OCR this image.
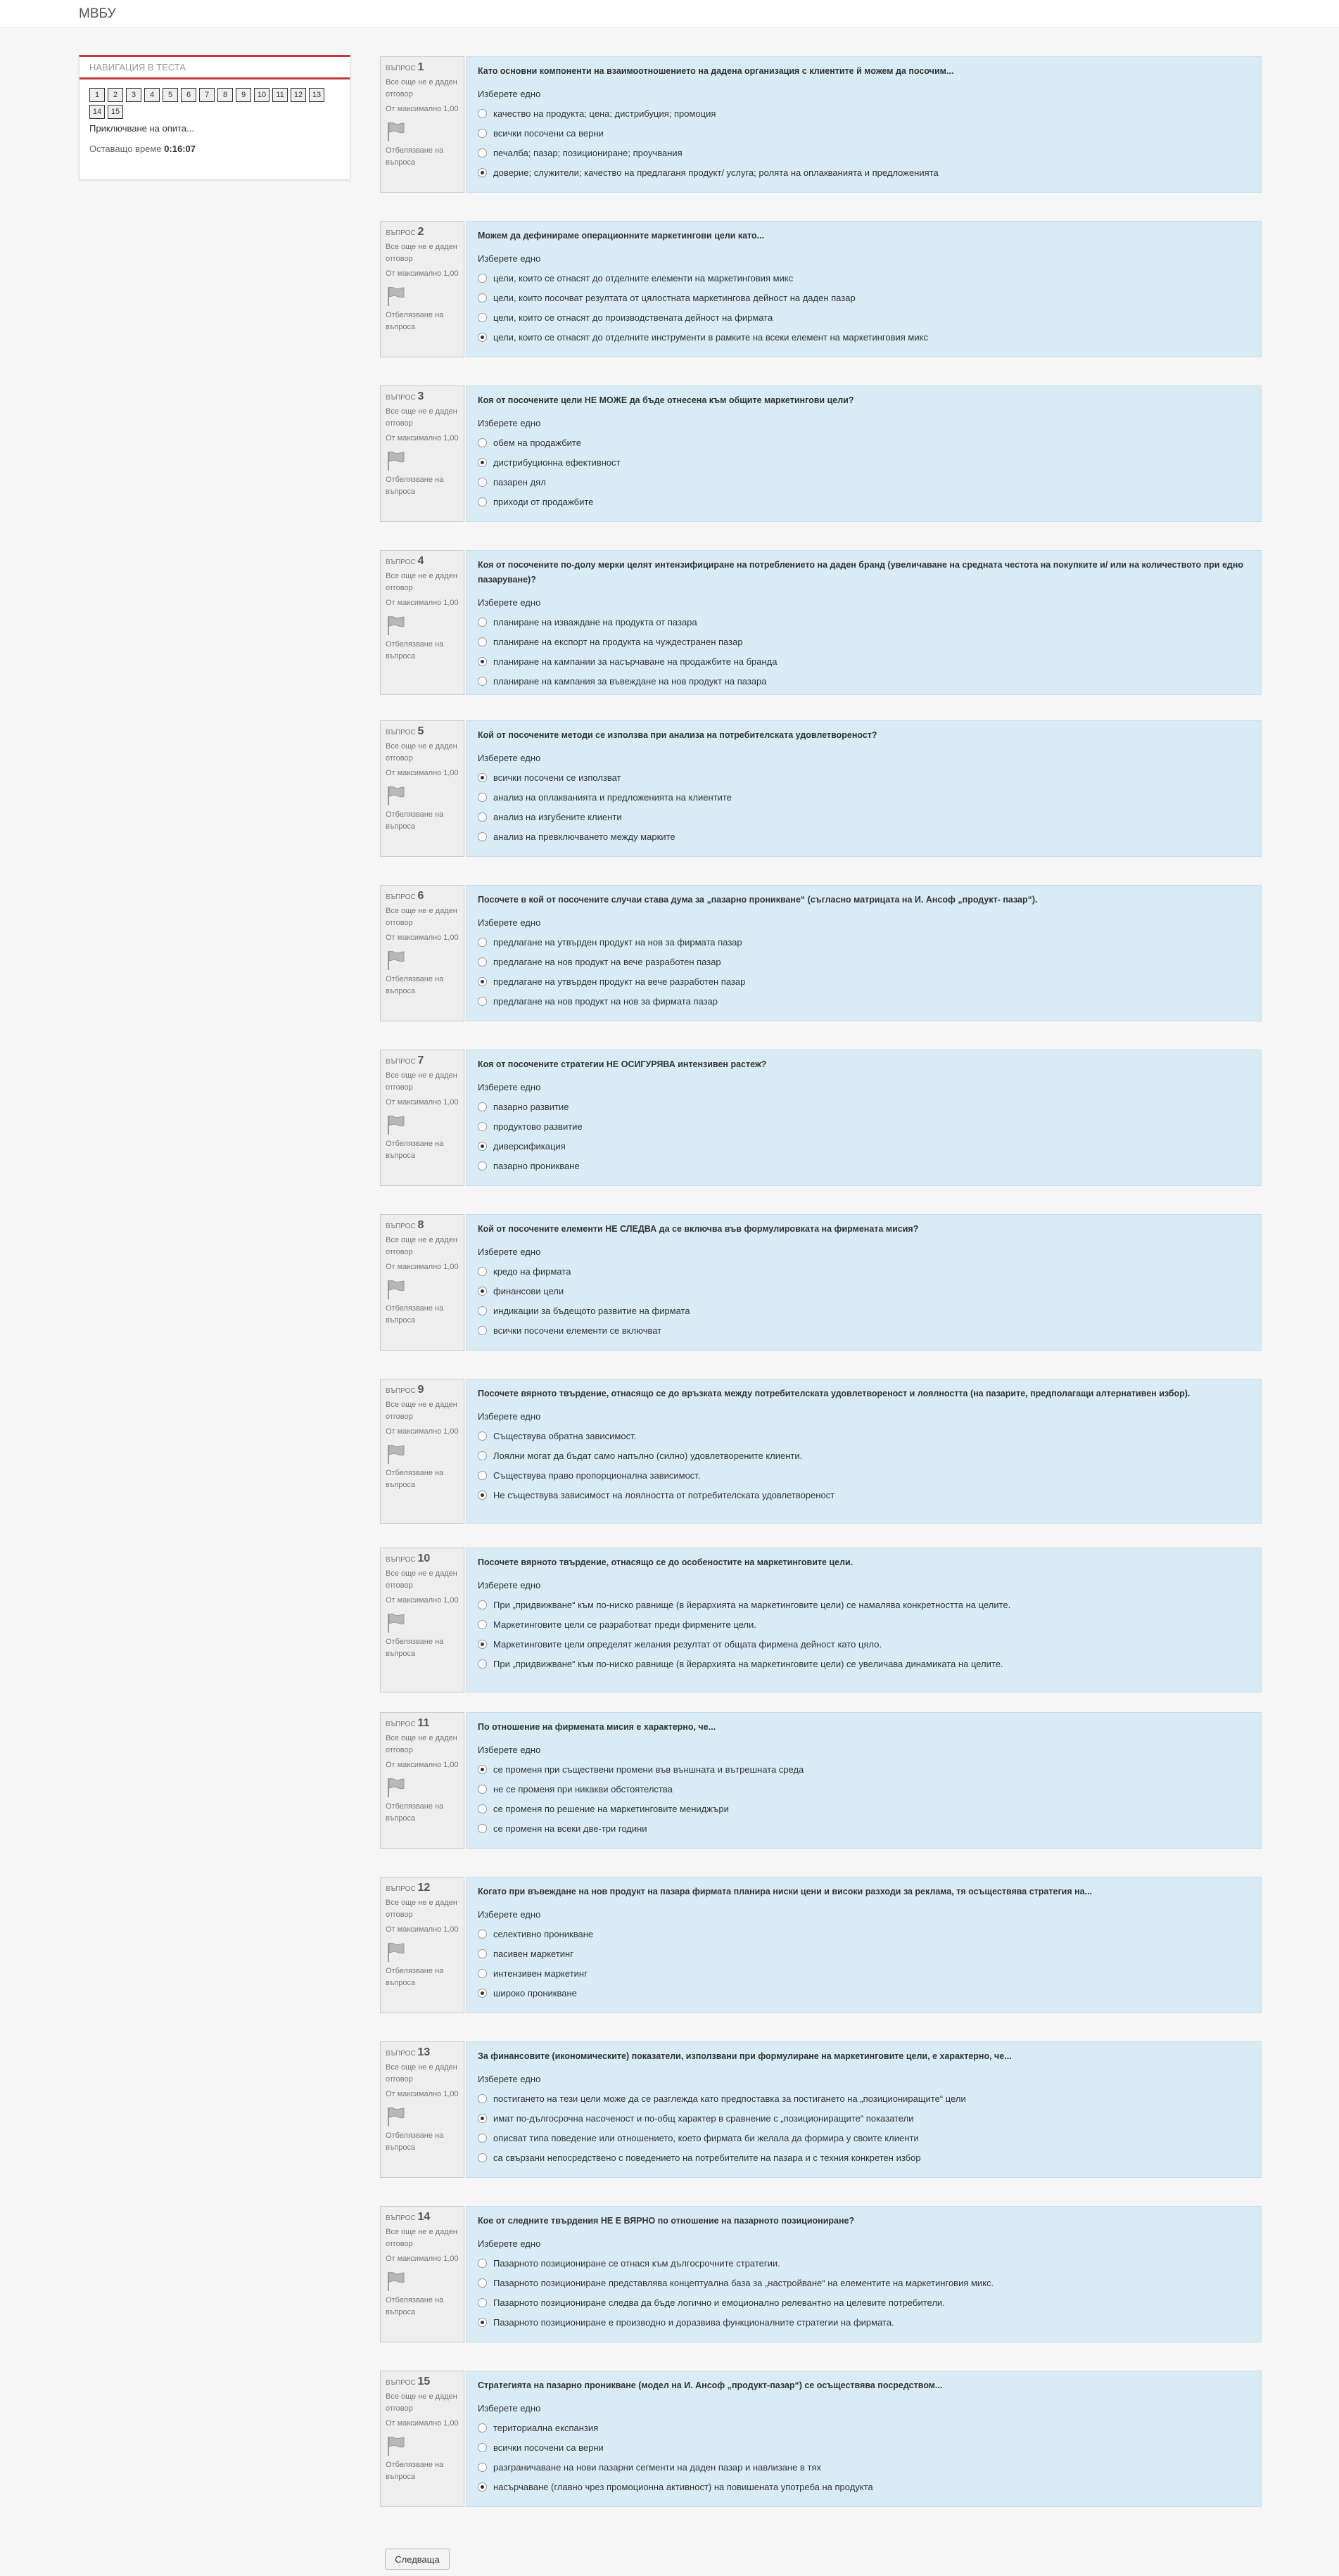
МВБУ
НАВИГАЦИЯ В ТЕСТА
1 2 3 4 5 6 7 8 9 10 11 12 1314 15
Приключване на опита...
Оставащо време 0:16:07
ВЪПРОС 1
Все още не е даден отговор
От максимално 1,00
Отбелязване на въпроса
Като основни компоненти на взаимоотношението на дадена организация с клиентите й можем да посочим...
Изберете едно
качество на продукта; цена; дистрибуция; промоция
всички посочени са верни
печалба; пазар; позициониране; проучвания
доверие; служители; качество на предлаганя продукт/ услуга; ролята на оплакванията и предложенията
ВЪПРОС 2
Все още не е даден отговор
От максимално 1,00
Отбелязване на въпроса
Можем да дефинираме операционните маркетингови цели като...
Изберете едно
цели, които се отнасят до отделните елементи на маркетинговия микс
цели, които посочват резултата от цялостната маркетингова дейност на даден пазар
цели, които се отнасят до производствената дейност на фирмата
цели, които се отнасят до отделните инструменти в рамките на всеки елемент на маркетинговия микс
ВЪПРОС 3
Все още не е даден отговор
От максимално 1,00
Отбелязване на въпроса
Коя от посочените цели НЕ МОЖЕ да бъде отнесена към общите маркетингови цели?
Изберете едно
обем на продажбите
дистрибуционна ефективност
пазарен дял
приходи от продажбите
ВЪПРОС 4
Все още не е даден отговор
От максимално 1,00
Отбелязване на въпроса
Коя от посочените по-долу мерки целят интензифициране на потреблението на даден бранд (увеличаване на средната честота на покупките и/ или на количеството при едно пазаруване)?
Изберете едно
планиране на изваждане на продукта от пазара
планиране на експорт на продукта на чуждестранен пазар
планиране на кампании за насърчаване на продажбите на бранда
планиране на кампания за въвеждане на нов продукт на пазара
ВЪПРОС 5
Все още не е даден отговор
От максимално 1,00
Отбелязване на въпроса
Кой от посочените методи се използва при анализа на потребителската удовлетвореност?
Изберете едно
всички посочени се използват
анализ на оплакванията и предложенията на клиентите
анализ на изгубените клиенти
анализ на превключването между марките
ВЪПРОС 6
Все още не е даден отговор
От максимално 1,00
Отбелязване на въпроса
Посочете в кой от посочените случаи става дума за „пазарно проникване“ (съгласно матрицата на И. Ансоф „продукт- пазар“).
Изберете едно
предлагане на утвърден продукт на нов за фирмата пазар
предлагане на нов продукт на вече разработен пазар
предлагане на утвърден продукт на вече разработен пазар
предлагане на нов продукт на нов за фирмата пазар
ВЪПРОС 7
Все още не е даден отговор
От максимално 1,00
Отбелязване на въпроса
Коя от посочените стратегии НЕ ОСИГУРЯВА интензивен растеж?
Изберете едно
пазарно развитие
продуктово развитие
диверсификация
пазарно проникване
ВЪПРОС 8
Все още не е даден отговор
От максимално 1,00
Отбелязване на въпроса
Кой от посочените елементи НЕ СЛЕДВА да се включва във формулировката на фирмената мисия?
Изберете едно
кредо на фирмата
финансови цели
индикации за бъдещото развитие на фирмата
всички посочени елементи се включват
ВЪПРОС 9
Все още не е даден отговор
От максимално 1,00
Отбелязване на въпроса
Посочете вярното твърдение, отнасящо се до връзката между потребителската удовлетвореност и лоялността (на пазарите, предполагащи алтернативен избор).
Изберете едно
Съществува обратна зависимост.
Лоялни могат да бъдат само напълно (силно) удовлетворените клиенти.
Съществува право пропорционална зависимост.
Не съществува зависимост на лоялността от потребителската удовлетвореност
ВЪПРОС 10
Все още не е даден отговор
От максимално 1,00
Отбелязване на въпроса
Посочете вярното твърдение, отнасящо се до особеностите на маркетинговите цели.
Изберете едно
При „придвижване“ към по-ниско равнище (в йерархията на маркетинговите цели) се намалява конкретността на целите.
Маркетинговите цели се разработват преди фирмените цели.
Маркетинговите цели определят желания резултат от общата фирмена дейност като цяло.
При „придвижване“ към по-ниско равнище (в йерархията на маркетинговите цели) се увеличава динамиката на целите.
ВЪПРОС 11
Все още не е даден отговор
От максимално 1,00
Отбелязване на въпроса
По отношение на фирмената мисия е характерно, че...
Изберете едно
се променя при съществени промени във външната и вътрешната среда
не се променя при никакви обстоятелства
се променя по решение на маркетинговите мениджъри
се променя на всеки две-три години
ВЪПРОС 12
Все още не е даден отговор
От максимално 1,00
Отбелязване на въпроса
Когато при въвеждане на нов продукт на пазара фирмата планира ниски цени и високи разходи за реклама, тя осъществява стратегия на...
Изберете едно
селективно проникване
пасивен маркетинг
интензивен маркетинг
широко проникване
ВЪПРОС 13
Все още не е даден отговор
От максимално 1,00
Отбелязване на въпроса
За финансовите (икономическите) показатели, използвани при формулиране на маркетинговите цели, е характерно, че...
Изберете едно
постигането на тези цели може да се разглежда като предпоставка за постигането на „позициониращите“ цели
имат по-дългосрочна насоченост и по-общ характер в сравнение с „позициониращите“ показатели
описват типа поведение или отношението, което фирмата би желала да формира у своите клиенти
са свързани непосредствено с поведението на потребителите на пазара и с техния конкретен избор
ВЪПРОС 14
Все още не е даден отговор
От максимално 1,00
Отбелязване на въпроса
Кое от следните твърдения НЕ Е ВЯРНО по отношение на пазарното позициониране?
Изберете едно
Пазарното позициониране се отнася към дългосрочните стратегии.
Пазарното позициониране представлява концептуална база за „настройване“ на елементите на маркетинговия микс.
Пазарното позициониране следва да бъде логично и емоционално релевантно на целевите потребители.
Пазарното позициониране е производно и доразвива функционалните стратегии на фирмата.
ВЪПРОС 15
Все още не е даден отговор
От максимално 1,00
Отбелязване на въпроса
Стратегията на пазарно проникване (модел на И. Ансоф „продукт-пазар“) се осъществява посредством...
Изберете едно
териториална експанзия
всички посочени са верни
разграничаване на нови пазарни сегменти на даден пазар и навлизане в тях
насърчаване (главно чрез промоционна активност) на повишената употреба на продукта
Следваща
